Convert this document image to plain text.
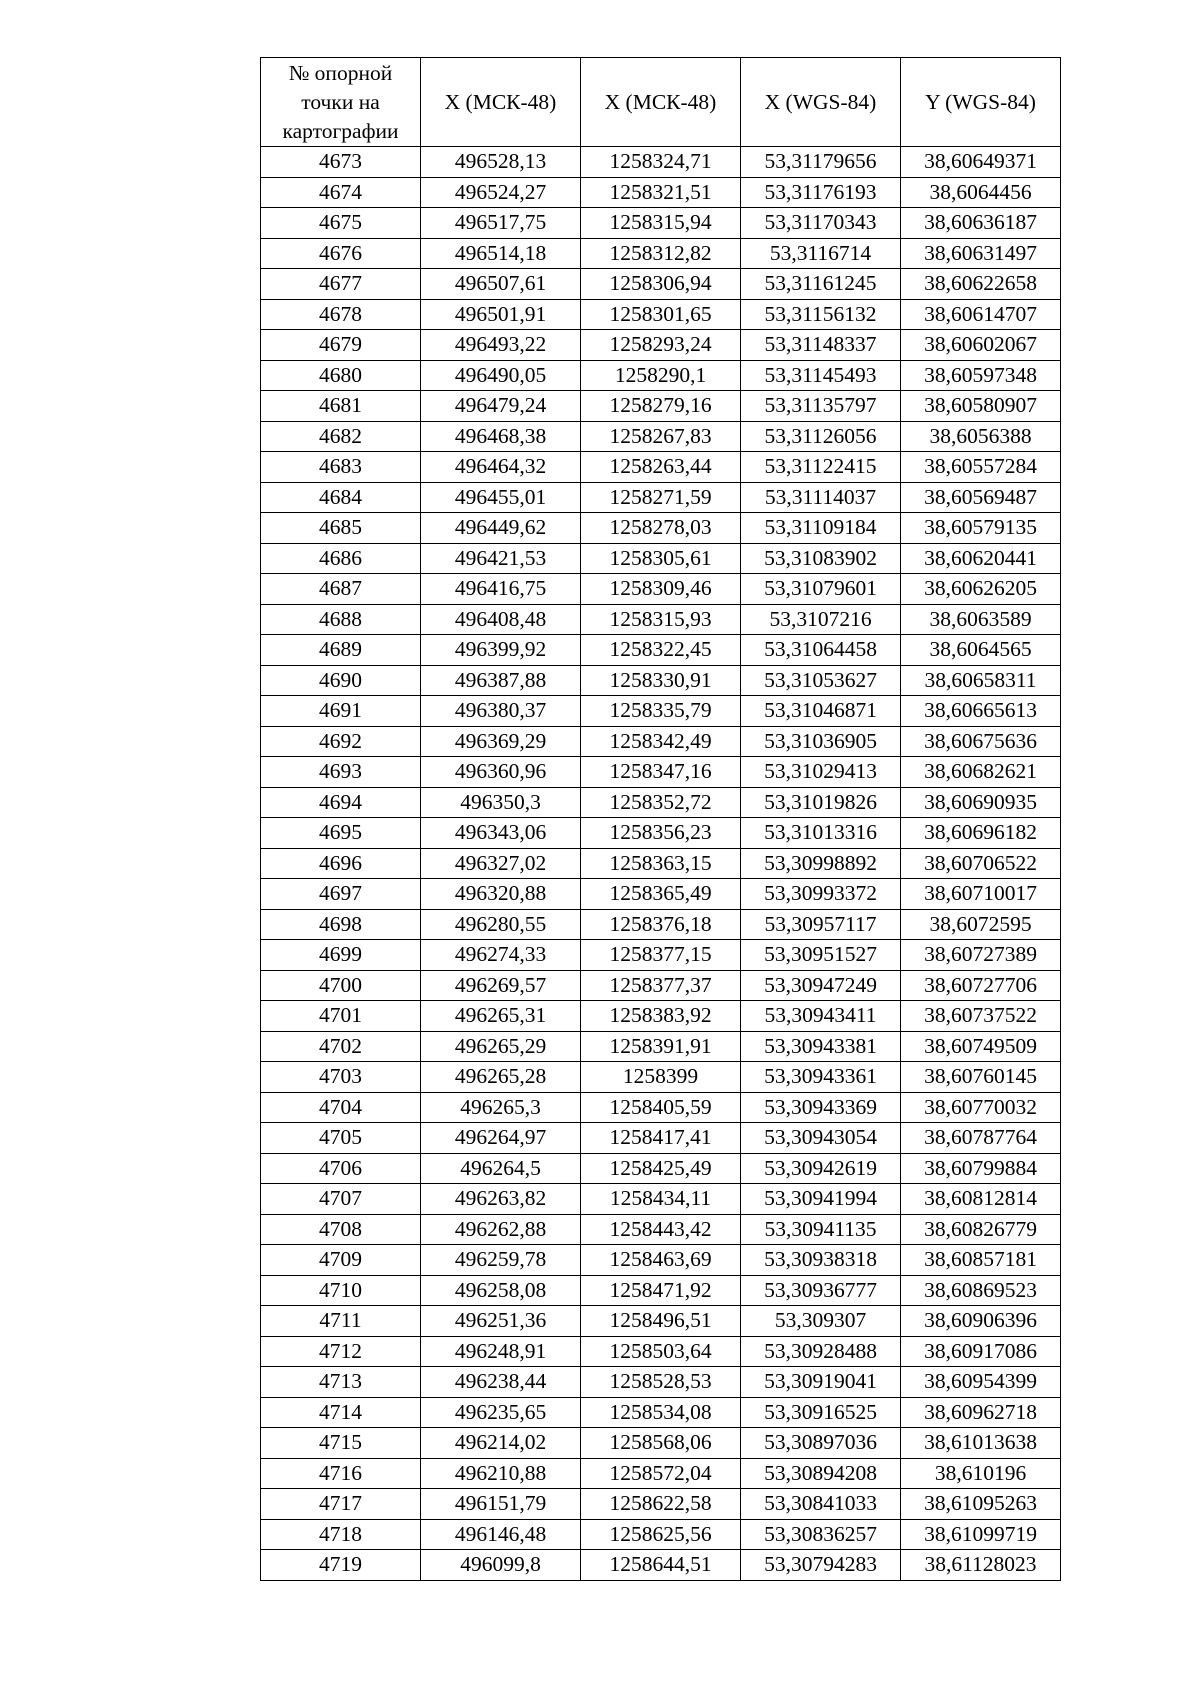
№ опорной точки на картографии	X (МСК-48)	X (МСК-48)	X (WGS-84)	Y (WGS-84)
4673	496528,13	1258324,71	53,31179656	38,60649371
4674	496524,27	1258321,51	53,31176193	38,6064456
4675	496517,75	1258315,94	53,31170343	38,60636187
4676	496514,18	1258312,82	53,3116714	38,60631497
4677	496507,61	1258306,94	53,31161245	38,60622658
4678	496501,91	1258301,65	53,31156132	38,60614707
4679	496493,22	1258293,24	53,31148337	38,60602067
4680	496490,05	1258290,1	53,31145493	38,60597348
4681	496479,24	1258279,16	53,31135797	38,60580907
4682	496468,38	1258267,83	53,31126056	38,6056388
4683	496464,32	1258263,44	53,31122415	38,60557284
4684	496455,01	1258271,59	53,31114037	38,60569487
4685	496449,62	1258278,03	53,31109184	38,60579135
4686	496421,53	1258305,61	53,31083902	38,60620441
4687	496416,75	1258309,46	53,31079601	38,60626205
4688	496408,48	1258315,93	53,3107216	38,6063589
4689	496399,92	1258322,45	53,31064458	38,6064565
4690	496387,88	1258330,91	53,31053627	38,60658311
4691	496380,37	1258335,79	53,31046871	38,60665613
4692	496369,29	1258342,49	53,31036905	38,60675636
4693	496360,96	1258347,16	53,31029413	38,60682621
4694	496350,3	1258352,72	53,31019826	38,60690935
4695	496343,06	1258356,23	53,31013316	38,60696182
4696	496327,02	1258363,15	53,30998892	38,60706522
4697	496320,88	1258365,49	53,30993372	38,60710017
4698	496280,55	1258376,18	53,30957117	38,6072595
4699	496274,33	1258377,15	53,30951527	38,60727389
4700	496269,57	1258377,37	53,30947249	38,60727706
4701	496265,31	1258383,92	53,30943411	38,60737522
4702	496265,29	1258391,91	53,30943381	38,60749509
4703	496265,28	1258399	53,30943361	38,60760145
4704	496265,3	1258405,59	53,30943369	38,60770032
4705	496264,97	1258417,41	53,30943054	38,60787764
4706	496264,5	1258425,49	53,30942619	38,60799884
4707	496263,82	1258434,11	53,30941994	38,60812814
4708	496262,88	1258443,42	53,30941135	38,60826779
4709	496259,78	1258463,69	53,30938318	38,60857181
4710	496258,08	1258471,92	53,30936777	38,60869523
4711	496251,36	1258496,51	53,309307	38,60906396
4712	496248,91	1258503,64	53,30928488	38,60917086
4713	496238,44	1258528,53	53,30919041	38,60954399
4714	496235,65	1258534,08	53,30916525	38,60962718
4715	496214,02	1258568,06	53,30897036	38,61013638
4716	496210,88	1258572,04	53,30894208	38,610196
4717	496151,79	1258622,58	53,30841033	38,61095263
4718	496146,48	1258625,56	53,30836257	38,61099719
4719	496099,8	1258644,51	53,30794283	38,61128023
